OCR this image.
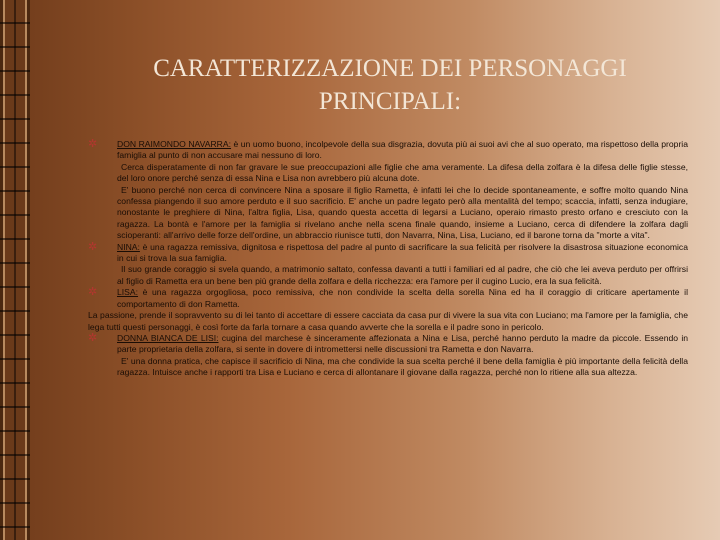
CARATTERIZZAZIONE DEI PERSONAGGI
PRINCIPALI:
✲ DON RAIMONDO NAVARRA: è un uomo buono, incolpevole della sua disgrazia, dovuta più ai suoi avi che al suo operato, ma rispettoso della propria famiglia al punto di non accusare mai nessuno di loro.

Cerca disperatamente di non far gravare le sue preoccupazioni alle figlie che ama veramente. La difesa della zolfara è la difesa delle figlie stesse, del loro onore perché senza di essa Nina e Lisa non avrebbero più alcuna dote.

E' buono perché non cerca di convincere Nina a sposare il figlio Rametta, è infatti lei che lo decide spontaneamente, e soffre molto quando Nina confessa piangendo il suo amore perduto e il suo sacrificio. E' anche un padre legato però alla mentalità del tempo; scaccia, infatti, senza indugiare, nonostante le preghiere di Nina, l'altra figlia, Lisa, quando questa accetta di legarsi a Luciano, operaio rimasto presto orfano e cresciuto con la ragazza. La bontà e l'amore per la famiglia si rivelano anche nella scena finale quando, insieme a Luciano, cerca di difendere la zolfara dagli scioperanti: all'arrivo delle forze dell'ordine, un abbraccio riunisce tutti, don Navarra, Nina, Lisa, Luciano, ed il barone torna da "morte a vita".

✲ NINA: è una ragazza remissiva, dignitosa e rispettosa del padre al punto di sacrificare la sua felicità per risolvere la disastrosa situazione economica in cui si trova la sua famiglia.

Il suo grande coraggio si svela quando, a matrimonio saltato, confessa davanti a tutti i familiari ed al padre, che ciò che lei aveva perduto per offrirsi al figlio di Rametta era un bene ben più grande della zolfara e della ricchezza: era l'amore per il cugino Lucio, era la sua felicità.

✲ LISA: è una ragazza orgogliosa, poco remissiva, che non condivide la scelta della sorella Nina ed ha il coraggio di criticare apertamente il comportamento di don Rametta.

La passione, prende il sopravvento su di lei tanto di accettare di essere cacciata da casa pur di vivere la sua vita con Luciano; ma l'amore per la famiglia, che lega tutti questi personaggi, è così forte da farla tornare a casa quando avverte che la sorella e il padre sono in pericolo.

✲ DONNA BIANCA DE LISI: cugina del marchese è sinceramente affezionata a Nina e Lisa, perché hanno perduto la madre da piccole. Essendo in parte proprietaria della zolfara, si sente in dovere di intromettersi nelle discussioni tra Rametta e don Navarra.

E' una donna pratica, che capisce il sacrificio di Nina, ma che condivide la sua scelta perché il bene della famiglia è più importante della felicità della ragazza. Intuisce anche i rapporti tra Lisa e Luciano e cerca di allontanare il giovane dalla ragazza, perché non lo ritiene alla sua altezza.
